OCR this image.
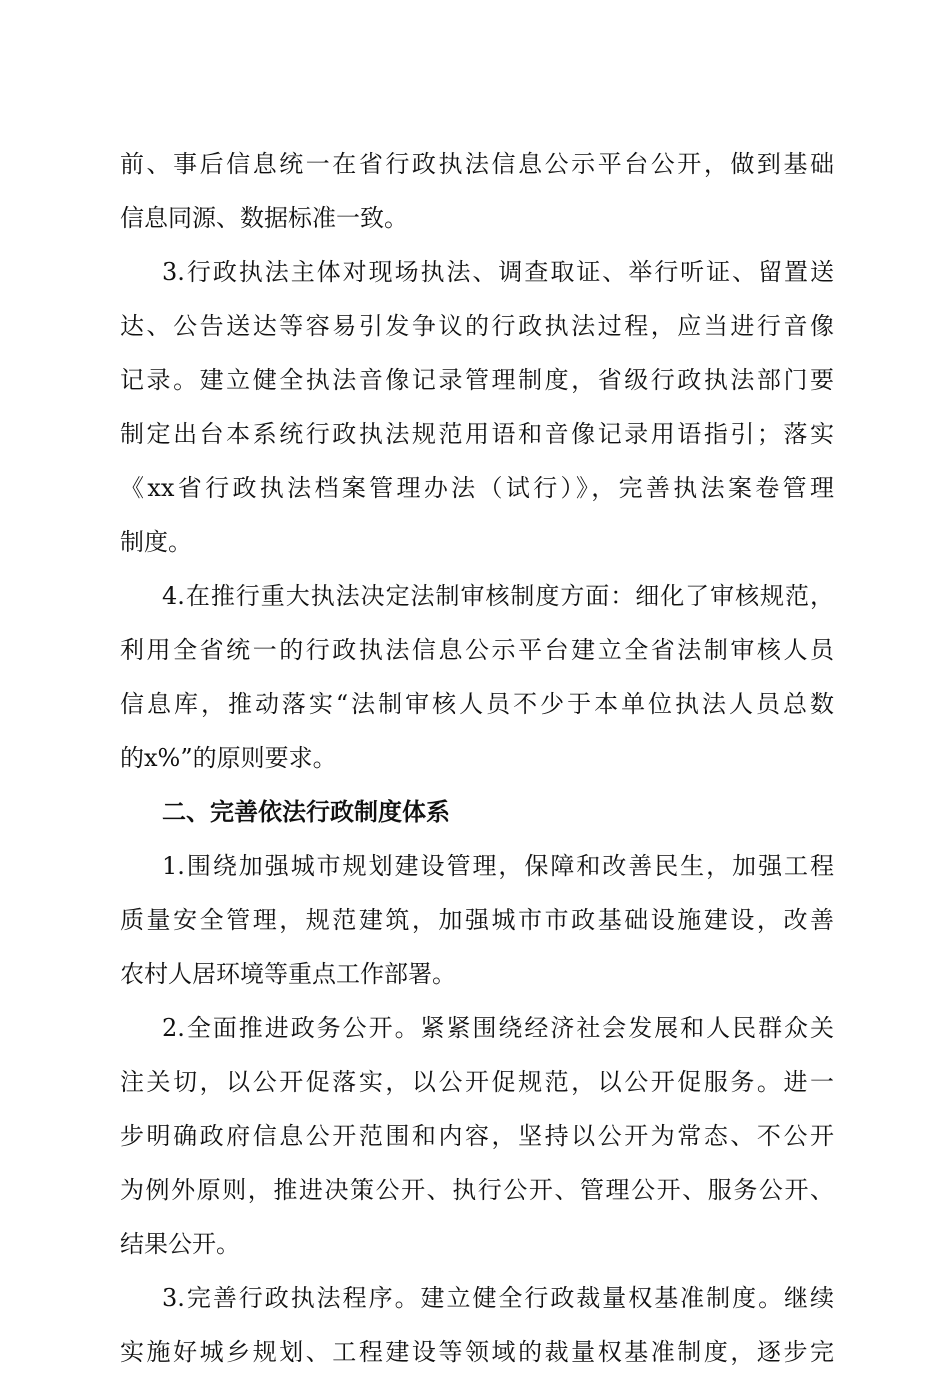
前、事后信息统一在省行政执法信息公示平台公开，做到基础
信息同源、数据标准一致。
3.行政执法主体对现场执法、调查取证、举行听证、留置送
达、公告送达等容易引发争议的行政执法过程，应当进行音像
记录。建立健全执法音像记录管理制度，省级行政执法部门要
制定出台本系统行政执法规范用语和音像记录用语指引；落实
《xx省行政执法档案管理办法（试行）》，完善执法案卷管理
制度。
4.在推行重大执法决定法制审核制度方面：细化了审核规范，
利用全省统一的行政执法信息公示平台建立全省法制审核人员
信息库，推动落实“法制审核人员不少于本单位执法人员总数
的x%”的原则要求。
二、完善依法行政制度体系
1.围绕加强城市规划建设管理，保障和改善民生，加强工程
质量安全管理，规范建筑，加强城市市政基础设施建设，改善
农村人居环境等重点工作部署。
2.全面推进政务公开。紧紧围绕经济社会发展和人民群众关
注关切，以公开促落实，以公开促规范，以公开促服务。进一
步明确政府信息公开范围和内容，坚持以公开为常态、不公开
为例外原则，推进决策公开、执行公开、管理公开、服务公开、
结果公开。
3.完善行政执法程序。建立健全行政裁量权基准制度。继续
实施好城乡规划、工程建设等领域的裁量权基准制度，逐步完
